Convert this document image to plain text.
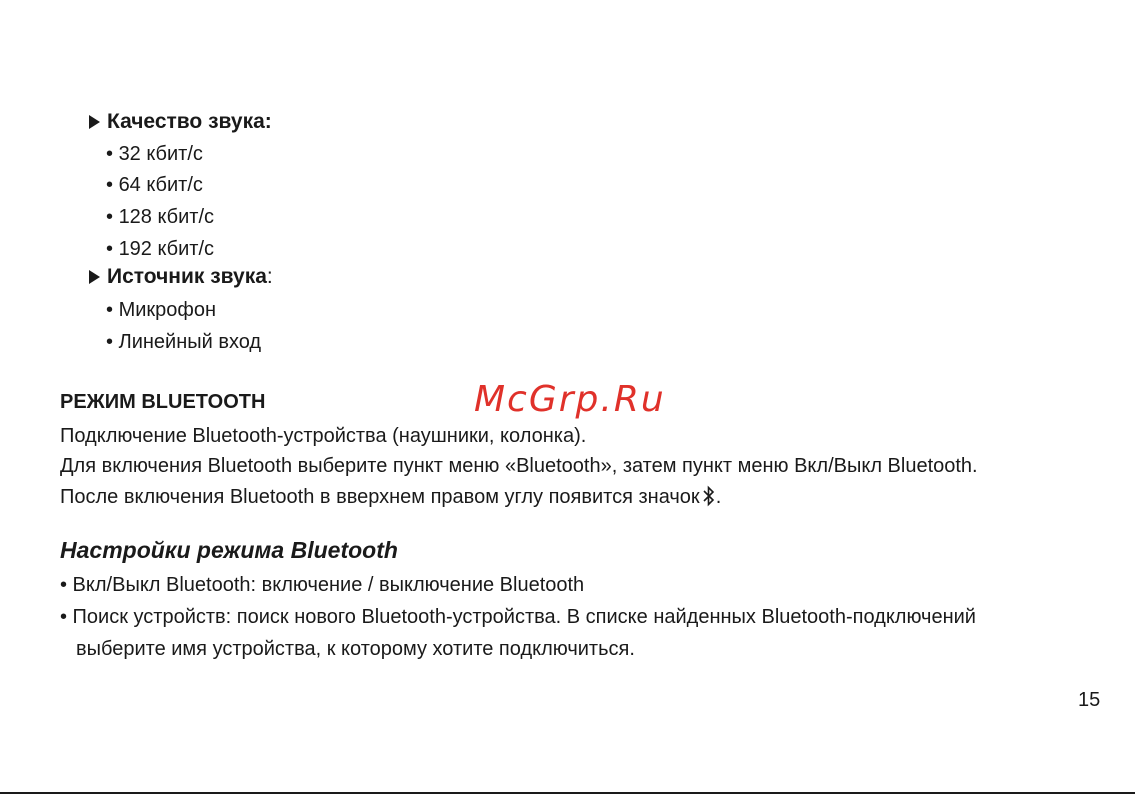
Качество звука:
• 32 кбит/с
• 64 кбит/с
• 128 кбит/с
• 192 кбит/с
Источник звука:
• Микрофон
• Линейный вход
РЕЖИМ BLUETOOTH	McGrp.Ru
Подключение Bluetooth-устройства (наушники, колонка).
Для включения Bluetooth выберите пункт меню «Bluetooth», затем пункт меню Вкл/Выкл Bluetooth.
После включения Bluetooth в вверхнем правом углу появится значок .
Настройки режима Bluetooth
• Вкл/Выкл Bluetooth: включение / выключение Bluetooth
• Поиск устройств: поиск нового Bluetooth-устройства. В списке найденных Bluetooth-подключений
выберите имя устройства, к которому хотите подключиться.
15
